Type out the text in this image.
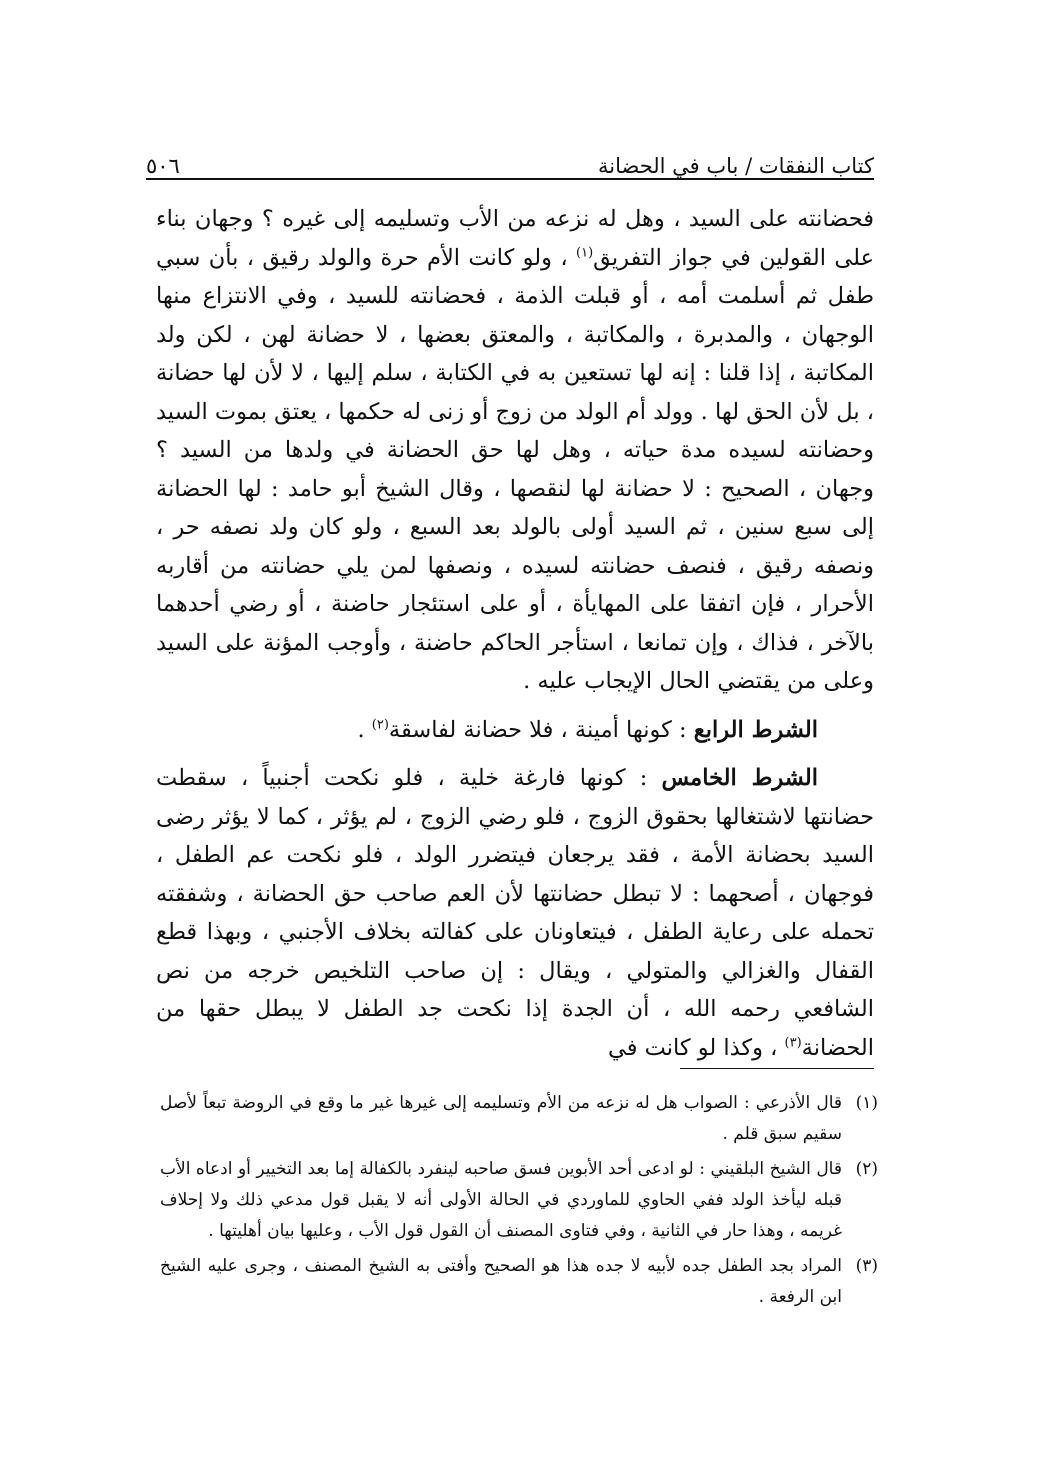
كتاب النفقات / باب في الحضانة
٥٠٦

فحضانته على السيد ، وهل له نزعه من الأب وتسليمه إلى غيره ؟ وجهان بناء على القولين في جواز التفريق$^{(١)}$ ، ولو كانت الأم حرة والولد رقيق ، بأن سبي طفل ثم أسلمت أمه ، أو قبلت الذمة ، فحضانته للسيد ، وفي الانتزاع منها الوجهان ، والمدبرة ، والمكاتبة ، والمعتق بعضها ، لا حضانة لهن ، لكن ولد المكاتبة ، إذا قلنا : إنه لها تستعين به في الكتابة ، سلم إليها ، لا لأن لها حضانة ، بل لأن الحق لها . وولد أم الولد من زوج أو زنى له حكمها ، يعتق بموت السيد وحضانته لسيده مدة حياته ، وهل لها حق الحضانة في ولدها من السيد ؟ وجهان ، الصحيح : لا حضانة لها لنقصها ، وقال الشيخ أبو حامد : لها الحضانة إلى سبع سنين ، ثم السيد أولى بالولد بعد السبع ، ولو كان ولد نصفه حر ، ونصفه رقيق ، فنصف حضانته لسيده ، ونصفها لمن يلي حضانته من أقاربه الأحرار ، فإن اتفقا على المهايأة ، أو على استئجار حاضنة ، أو رضي أحدهما بالآخر ، فذاك ، وإن تمانعا ، استأجر الحاكم حاضنة ، وأوجب المؤنة على السيد وعلى من يقتضي الحال الإيجاب عليه .

الشرط الرابع : كونها أمينة ، فلا حضانة لفاسقة$^{(٢)}$ .

الشرط الخامس : كونها فارغة خلية ، فلو نكحت أجنبياً ، سقطت حضانتها لاشتغالها بحقوق الزوج ، فلو رضي الزوج ، لم يؤثر ، كما لا يؤثر رضى السيد بحضانة الأمة ، فقد يرجعان فيتضرر الولد ، فلو نكحت عم الطفل ، فوجهان ، أصحهما : لا تبطل حضانتها لأن العم صاحب حق الحضانة ، وشفقته تحمله على رعاية الطفل ، فيتعاونان على كفالته بخلاف الأجنبي ، وبهذا قطع القفال والغزالي والمتولي ، ويقال : إن صاحب التلخيص خرجه من نص الشافعي رحمه الله ، أن الجدة إذا نكحت جد الطفل لا يبطل حقها من الحضانة$^{(٣)}$ ، وكذا لو كانت في

(١)
قال الأذرعي : الصواب هل له نزعه من الأم وتسليمه إلى غيرها غير ما وقع في الروضة تبعاً لأصل سقيم سبق قلم .
(٢)
قال الشيخ البلقيني : لو ادعى أحد الأبوين فسق صاحبه لينفرد بالكفالة إما بعد التخيير أو ادعاه الأب قبله ليأخذ الولد ففي الحاوي للماوردي في الحالة الأولى أنه لا يقبل قول مدعي ذلك ولا إحلاف غريمه ، وهذا حار في الثانية ، وفي فتاوى المصنف أن القول قول الأب ، وعليها بيان أهليتها .
(٣)
المراد بجد الطفل جده لأبيه لا جده هذا هو الصحيح وأفتى به الشيخ المصنف ، وجرى عليه الشيخ ابن الرفعة .
